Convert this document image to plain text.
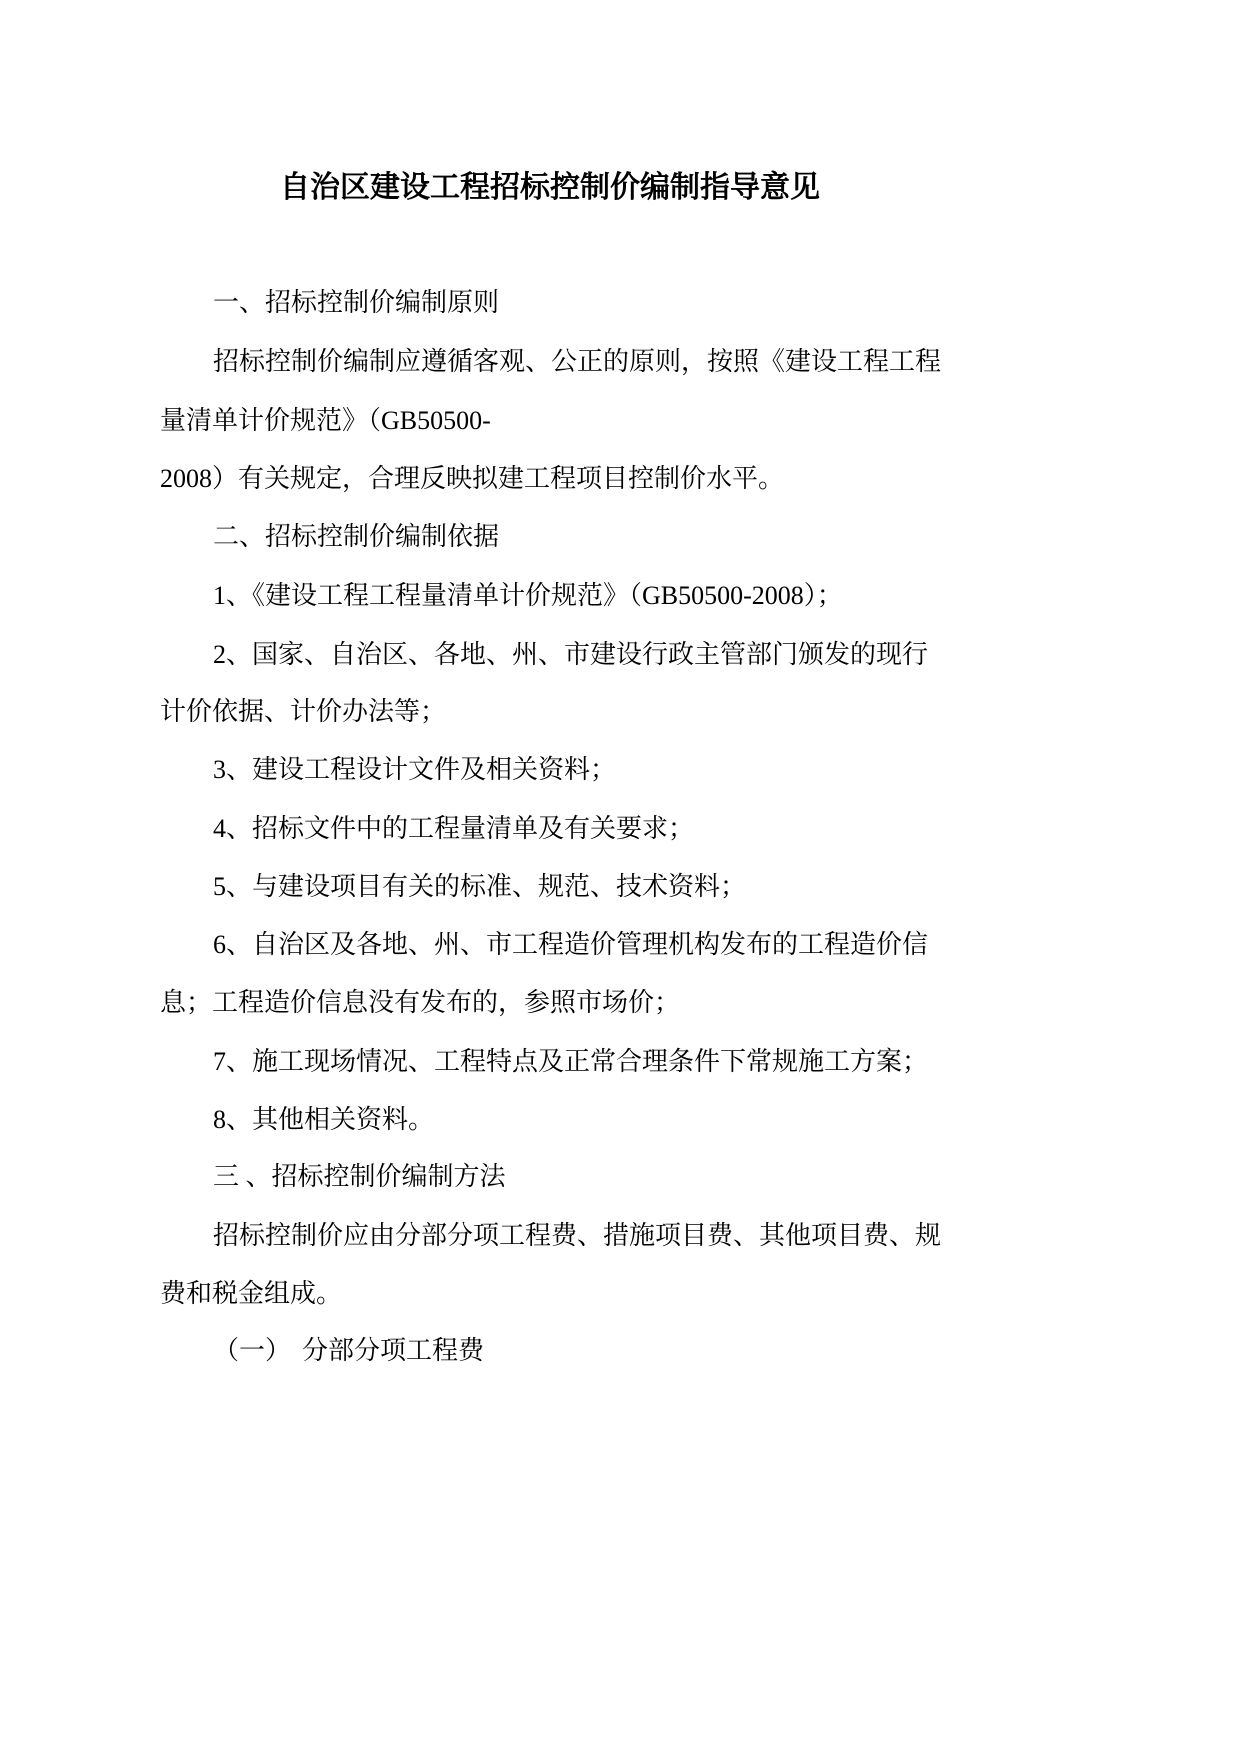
自治区建设工程招标控制价编制指导意见
一、招标控制价编制原则
招标控制价编制应遵循客观、公正的原则，按照《建设工程工程
量清单计价规范》（GB50500-
2008）有关规定，合理反映拟建工程项目控制价水平。
二、招标控制价编制依据
1、《建设工程工程量清单计价规范》（GB50500-2008）；
2、国家、自治区、各地、州、市建设行政主管部门颁发的现行
计价依据、计价办法等；
3、建设工程设计文件及相关资料；
4、招标文件中的工程量清单及有关要求；
5、与建设项目有关的标准、规范、技术资料；
6、自治区及各地、州、市工程造价管理机构发布的工程造价信
息；工程造价信息没有发布的，参照市场价；
7、施工现场情况、工程特点及正常合理条件下常规施工方案；
8、其他相关资料。
三 、招标控制价编制方法
招标控制价应由分部分项工程费、措施项目费、其他项目费、规
费和税金组成。
（一） 分部分项工程费
